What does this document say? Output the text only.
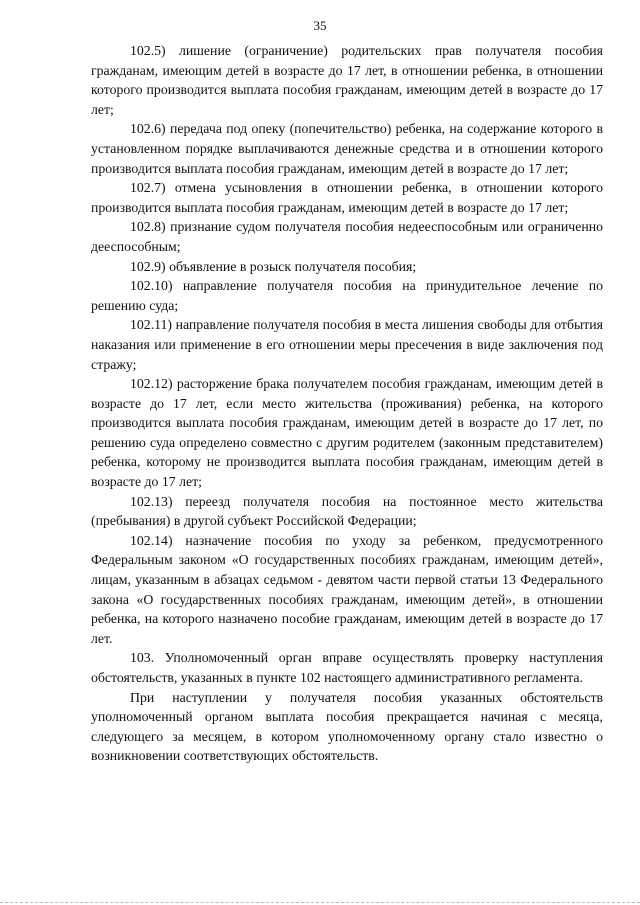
35

102.5) лишение (ограничение) родительских прав получателя пособия гражданам, имеющим детей в возрасте до 17 лет, в отношении ребенка, в отношении которого производится выплата пособия гражданам, имеющим детей в возрасте до 17 лет;

102.6) передача под опеку (попечительство) ребенка, на содержание которого в установленном порядке выплачиваются денежные средства и в отношении которого производится выплата пособия гражданам, имеющим детей в возрасте до 17 лет;

102.7) отмена усыновления в отношении ребенка, в отношении которого производится выплата пособия гражданам, имеющим детей в возрасте до 17 лет;

102.8) признание судом получателя пособия недееспособным или ограниченно дееспособным;

102.9) объявление в розыск получателя пособия;

102.10) направление получателя пособия на принудительное лечение по решению суда;

102.11) направление получателя пособия в места лишения свободы для отбытия наказания или применение в его отношении меры пресечения в виде заключения под стражу;

102.12) расторжение брака получателем пособия гражданам, имеющим детей в возрасте до 17 лет, если место жительства (проживания) ребенка, на которого производится выплата пособия гражданам, имеющим детей в возрасте до 17 лет, по решению суда определено совместно с другим родителем (законным представителем) ребенка, которому не производится выплата пособия гражданам, имеющим детей в возрасте до 17 лет;

102.13) переезд получателя пособия на постоянное место жительства (пребывания) в другой субъект Российской Федерации;

102.14) назначение пособия по уходу за ребенком, предусмотренного Федеральным законом «О государственных пособиях гражданам, имеющим детей», лицам, указанным в абзацах седьмом - девятом части первой статьи 13 Федерального закона «О государственных пособиях гражданам, имеющим детей», в отношении ребенка, на которого назначено пособие гражданам, имеющим детей в возрасте до 17 лет.

103. Уполномоченный орган вправе осуществлять проверку наступления обстоятельств, указанных в пункте 102 настоящего административного регламента.

При наступлении у получателя пособия указанных обстоятельств уполномоченный органом выплата пособия прекращается начиная с месяца, следующего за месяцем, в котором уполномоченному органу стало известно о возникновении соответствующих обстоятельств.
